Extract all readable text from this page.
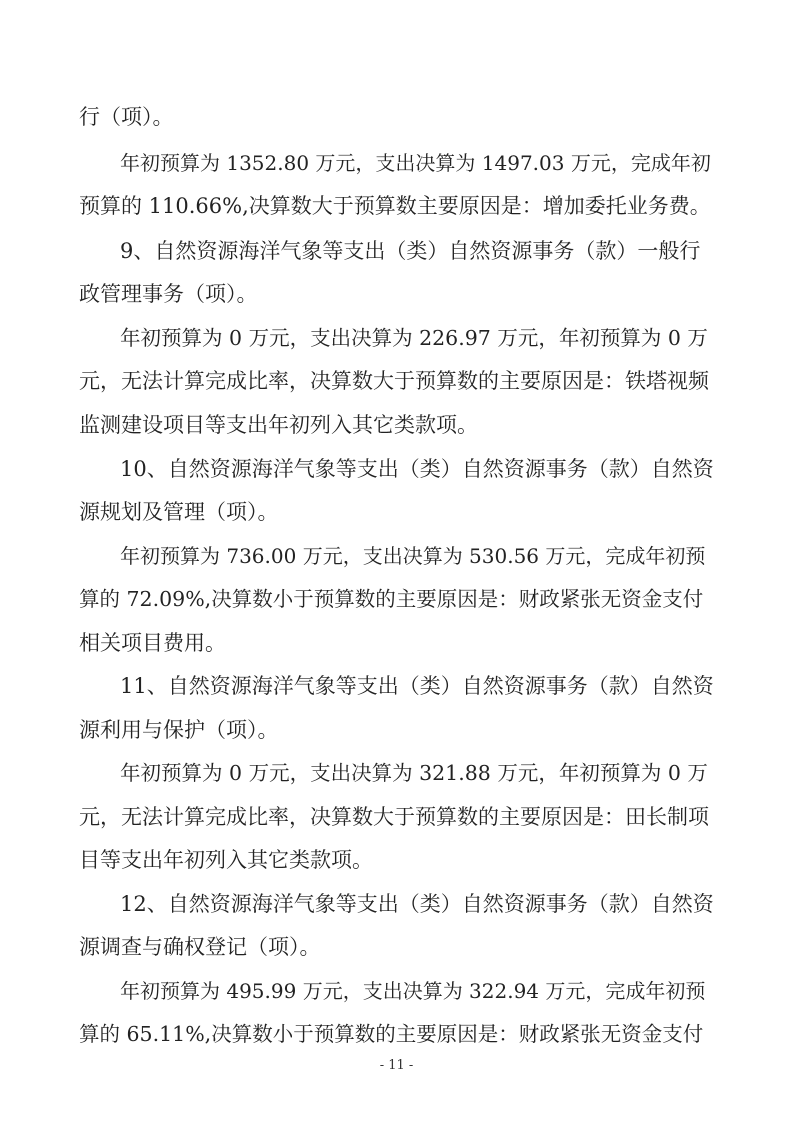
行（项）。
年初预算为 1352.80 万元，支出决算为 1497.03 万元，完成年初
预算的 110.66%,决算数大于预算数主要原因是：增加委托业务费。
9、自然资源海洋气象等支出（类）自然资源事务（款）一般行
政管理事务（项）。
年初预算为 0 万元，支出决算为 226.97 万元，年初预算为 0 万
元，无法计算完成比率，决算数大于预算数的主要原因是：铁塔视频
监测建设项目等支出年初列入其它类款项。
10、自然资源海洋气象等支出（类）自然资源事务（款）自然资
源规划及管理（项）。
年初预算为 736.00 万元，支出决算为 530.56 万元，完成年初预
算的 72.09%,决算数小于预算数的主要原因是：财政紧张无资金支付
相关项目费用。
11、自然资源海洋气象等支出（类）自然资源事务（款）自然资
源利用与保护（项）。
年初预算为 0 万元，支出决算为 321.88 万元，年初预算为 0 万
元，无法计算完成比率，决算数大于预算数的主要原因是：田长制项
目等支出年初列入其它类款项。
12、自然资源海洋气象等支出（类）自然资源事务（款）自然资
源调查与确权登记（项）。
年初预算为 495.99 万元，支出决算为 322.94 万元，完成年初预
算的 65.11%,决算数小于预算数的主要原因是：财政紧张无资金支付
- 11 -
